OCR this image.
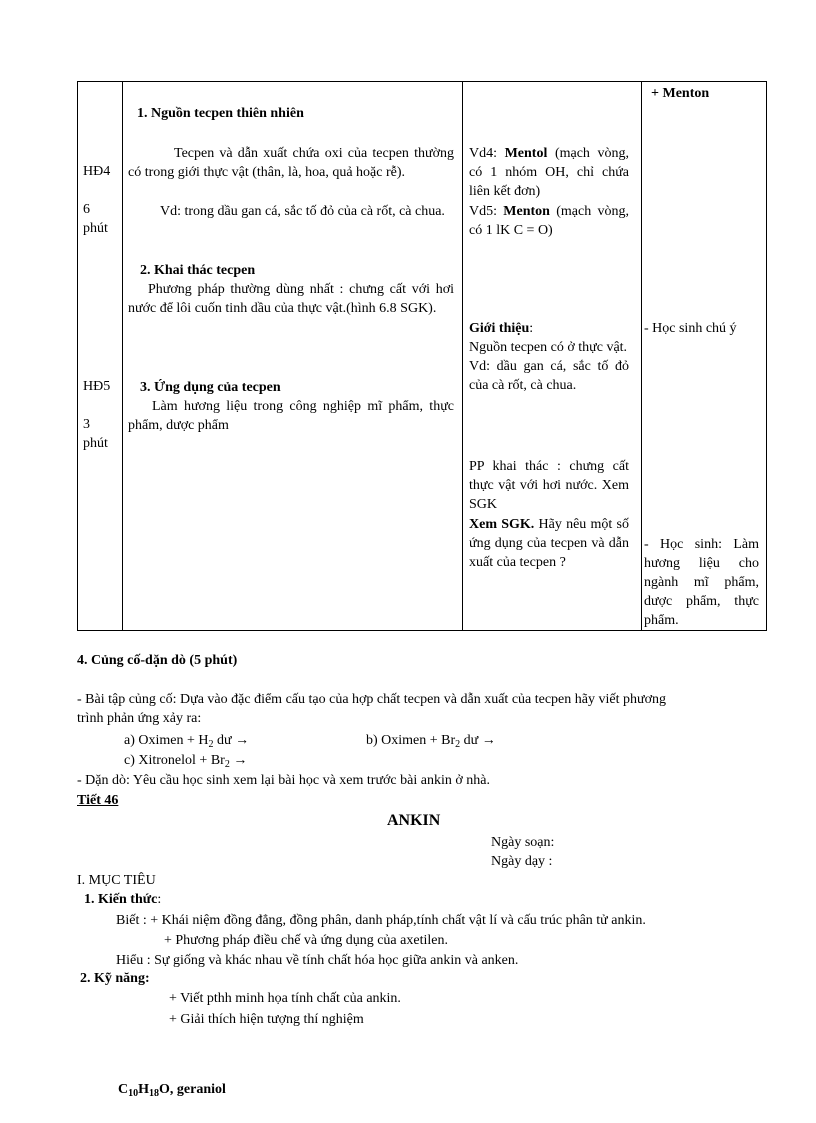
HĐ4
6
phút
HĐ5
3
phút
1. Nguồn tecpen thiên nhiên
Tecpen và dẫn xuất chứa oxi của tecpen thường có trong giới thực vật (thân, là, hoa, quả hoặc rễ).
Vd: trong dầu gan cá, sắc tố đỏ của cà rốt, cà chua.
2. Khai thác tecpen
Phương pháp thường dùng nhất : chưng cất với hơi nước để lôi cuốn tinh dầu của thực vật.(hình 6.8 SGK).
3. Ứng dụng của tecpen
Làm hương liệu trong công nghiệp mĩ phẩm, thực phẩm, dược phẩm
Vd4: Mentol (mạch vòng, có 1 nhóm OH, chỉ chứa liên kết đơn)
Vd5: Menton (mạch vòng, có 1 lK C = O)
Giới thiệu:
Nguồn tecpen có ở thực vật.
Vd: dầu gan cá, sắc tố đỏ của cà rốt, cà chua.
PP khai thác : chưng cất thực vật với hơi nước. Xem SGK
Xem SGK. Hãy nêu một số ứng dụng của tecpen và dẫn xuất của tecpen ?
+ Menton
- Học sinh chú ý
- Học sinh: Làm hương liệu cho ngành mĩ phẩm, dược phẩm, thực phẩm.
4. Củng cố-dặn dò (5 phút)
- Bài tập củng cố: Dựa vào đặc điểm cấu tạo của hợp chất tecpen và dẫn xuất của tecpen hãy viết phương
trình phản ứng xảy ra:
a) Oximen + $H_2$ dư →	b) Oximen + $Br_2$ dư →
c) Xitronelol + $Br_2$ →
- Dặn dò: Yêu cầu học sinh xem lại bài học và xem trước bài ankin ở nhà.
Tiết 46
ANKIN
Ngày soạn:
Ngày dạy :
I. MỤC TIÊU
1. Kiến thức:
Biết : + Khái niệm đồng đẳng, đồng phân, danh pháp,tính chất vật lí và cấu trúc phân tử ankin.
+ Phương pháp điều chế và ứng dụng của axetilen.
Hiểu : Sự giống và khác nhau về tính chất hóa học giữa ankin và anken.
2. Kỹ năng:
+ Viết pthh minh họa tính chất của ankin.
+ Giải thích hiện tượng thí nghiệm
$C_{10}H_{18}O$, geraniol
